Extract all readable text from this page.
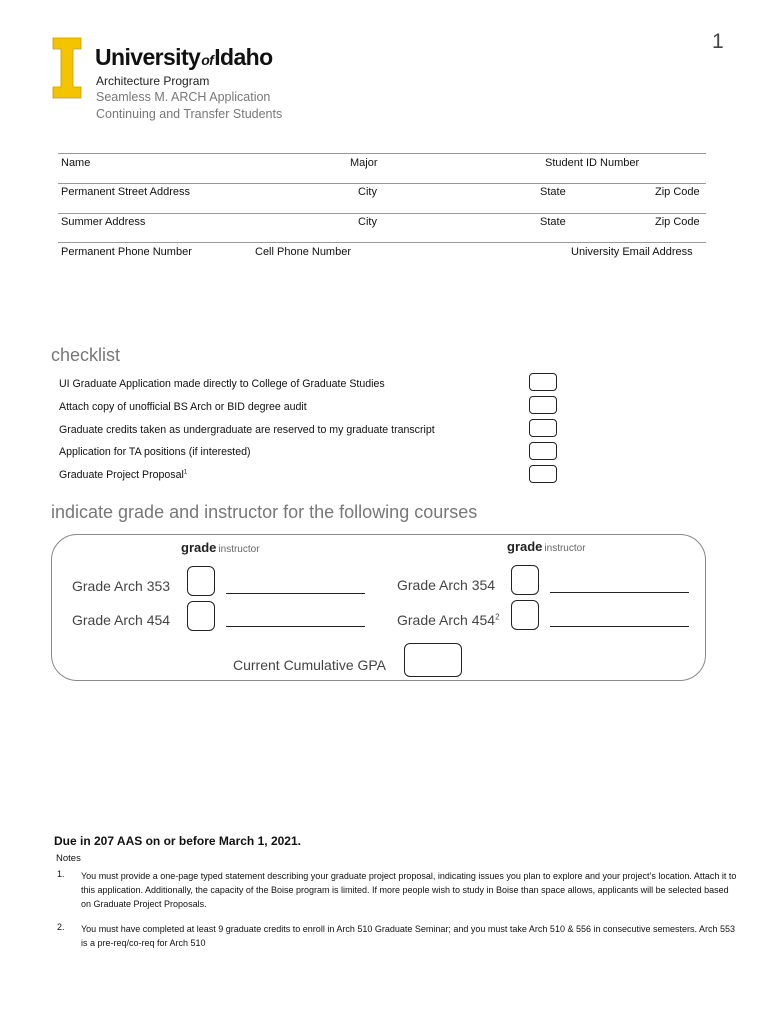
1
UniversityofIdaho
Architecture Program
Seamless M. ARCH Application
Continuing and Transfer Students
Name	Major	Student ID Number
Permanent Street Address	City	State	Zip Code
Summer Address	City	State	Zip Code
Permanent Phone Number	Cell Phone Number	University Email Address
checklist
UI Graduate Application made directly to College of Graduate Studies
Attach copy of unofficial BS Arch or BID degree audit
Graduate credits taken as undergraduate are reserved to my graduate transcript
Application for TA positions (if interested)
Graduate Project Proposal$^1$
indicate grade and instructor for the following courses
grade instructor	grade instructor
Grade Arch 353
Grade Arch 454
Grade Arch 354
Grade Arch $454^2$
Current Cumulative GPA
Due in 207 AAS on or before March 1, 2021.
Notes
1. You must provide a one-page typed statement describing your graduate project proposal, indicating issues you plan to explore and your project’s location. Attach it to this application. Additionally, the capacity of the Boise program is limited. If more people wish to study in Boise than space allows, applicants will be selected based on Graduate Project Proposals.
2. You must have completed at least 9 graduate credits to enroll in Arch 510 Graduate Seminar; and you must take Arch 510 & 556 in consecutive semesters. Arch 553 is a pre-req/co-req for Arch 510
